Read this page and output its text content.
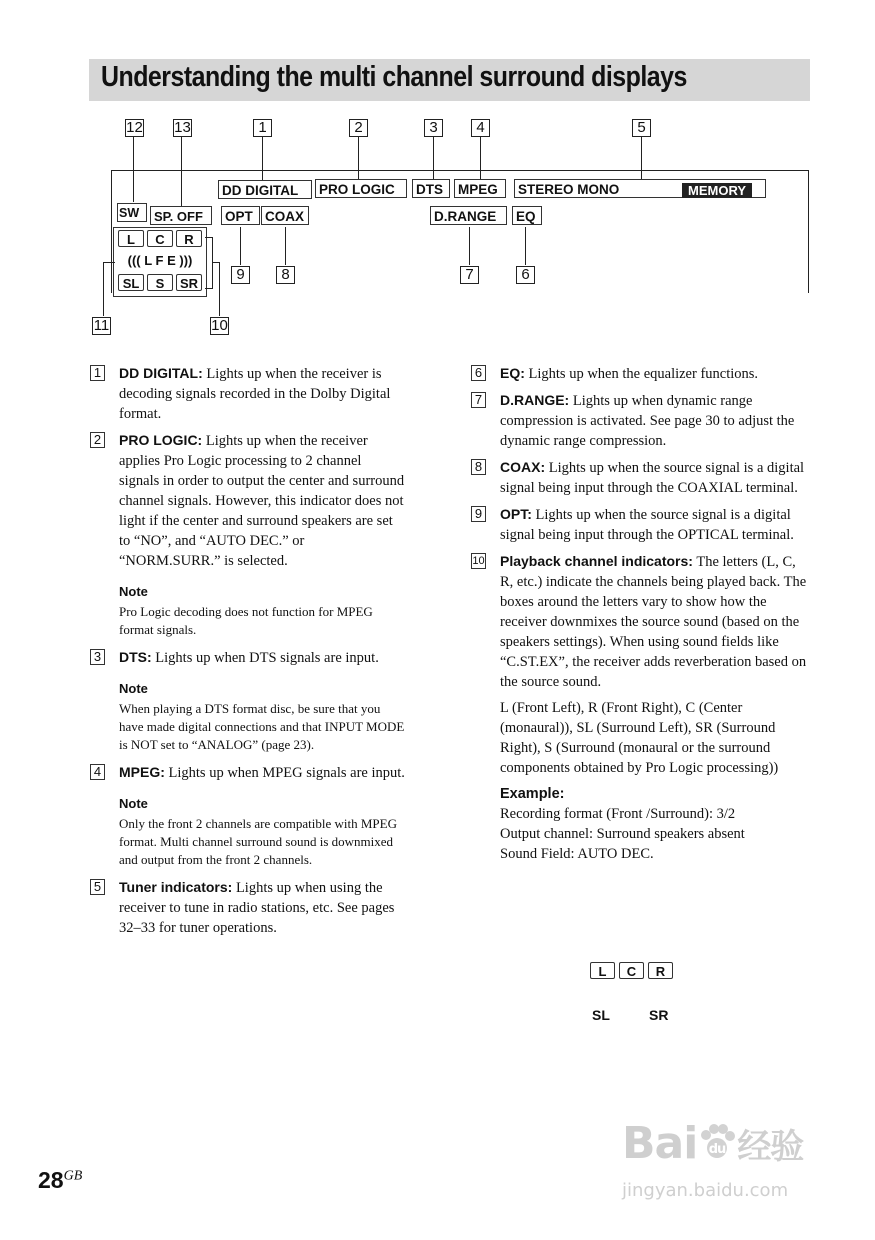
Understanding the multi channel surround displays
12 13	1	2	3	4	5
DD DIGITAL	PRO LOGIC	DTS	MPEG	STEREO MONO	MEMORY
SW	SP. OFF	OPT COAX	D.RANGE	EQ
L	C	R
((( L F E )))
SL	S	SR
9	8	7	6
11	10
1 DD DIGITAL: Lights up when the receiver is decoding signals recorded in the Dolby Digital format.
2 PRO LOGIC: Lights up when the receiver applies Pro Logic processing to 2 channel signals in order to output the center and surround channel signals. However, this indicator does not light if the center and surround speakers are set to “NO”, and “AUTO DEC.” or “NORM.SURR.” is selected.
Note
Pro Logic decoding does not function for MPEG format signals.
3 DTS: Lights up when DTS signals are input.
Note
When playing a DTS format disc, be sure that you have made digital connections and that INPUT MODE is NOT set to “ANALOG” (page 23).
4 MPEG: Lights up when MPEG signals are input.
Note
Only the front 2 channels are compatible with MPEG format. Multi channel surround sound is downmixed and output from the front 2 channels.
5 Tuner indicators: Lights up when using the receiver to tune in radio stations, etc. See pages 32–33 for tuner operations.
6 EQ: Lights up when the equalizer functions.
7 D.RANGE: Lights up when dynamic range compression is activated. See page 30 to adjust the dynamic range compression.
8 COAX: Lights up when the source signal is a digital signal being input through the COAXIAL terminal.
9 OPT: Lights up when the source signal is a digital signal being input through the OPTICAL terminal.
10 Playback channel indicators: The letters (L, C, R, etc.) indicate the channels being played back. The boxes around the letters vary to show how the receiver downmixes the source sound (based on the speakers settings). When using sound fields like “C.ST.EX”, the receiver adds reverberation based on the source sound.
L (Front Left), R (Front Right), C (Center (monaural)), SL (Surround Left), SR (Surround Right), S (Surround (monaural or the surround components obtained by Pro Logic processing))
Example:
Recording format (Front /Surround): 3/2
Output channel: Surround speakers absent
Sound Field: AUTO DEC.
L	C	R
SL	SR
$28^{GB}$
Bai du 经验
jingyan.baidu.com
